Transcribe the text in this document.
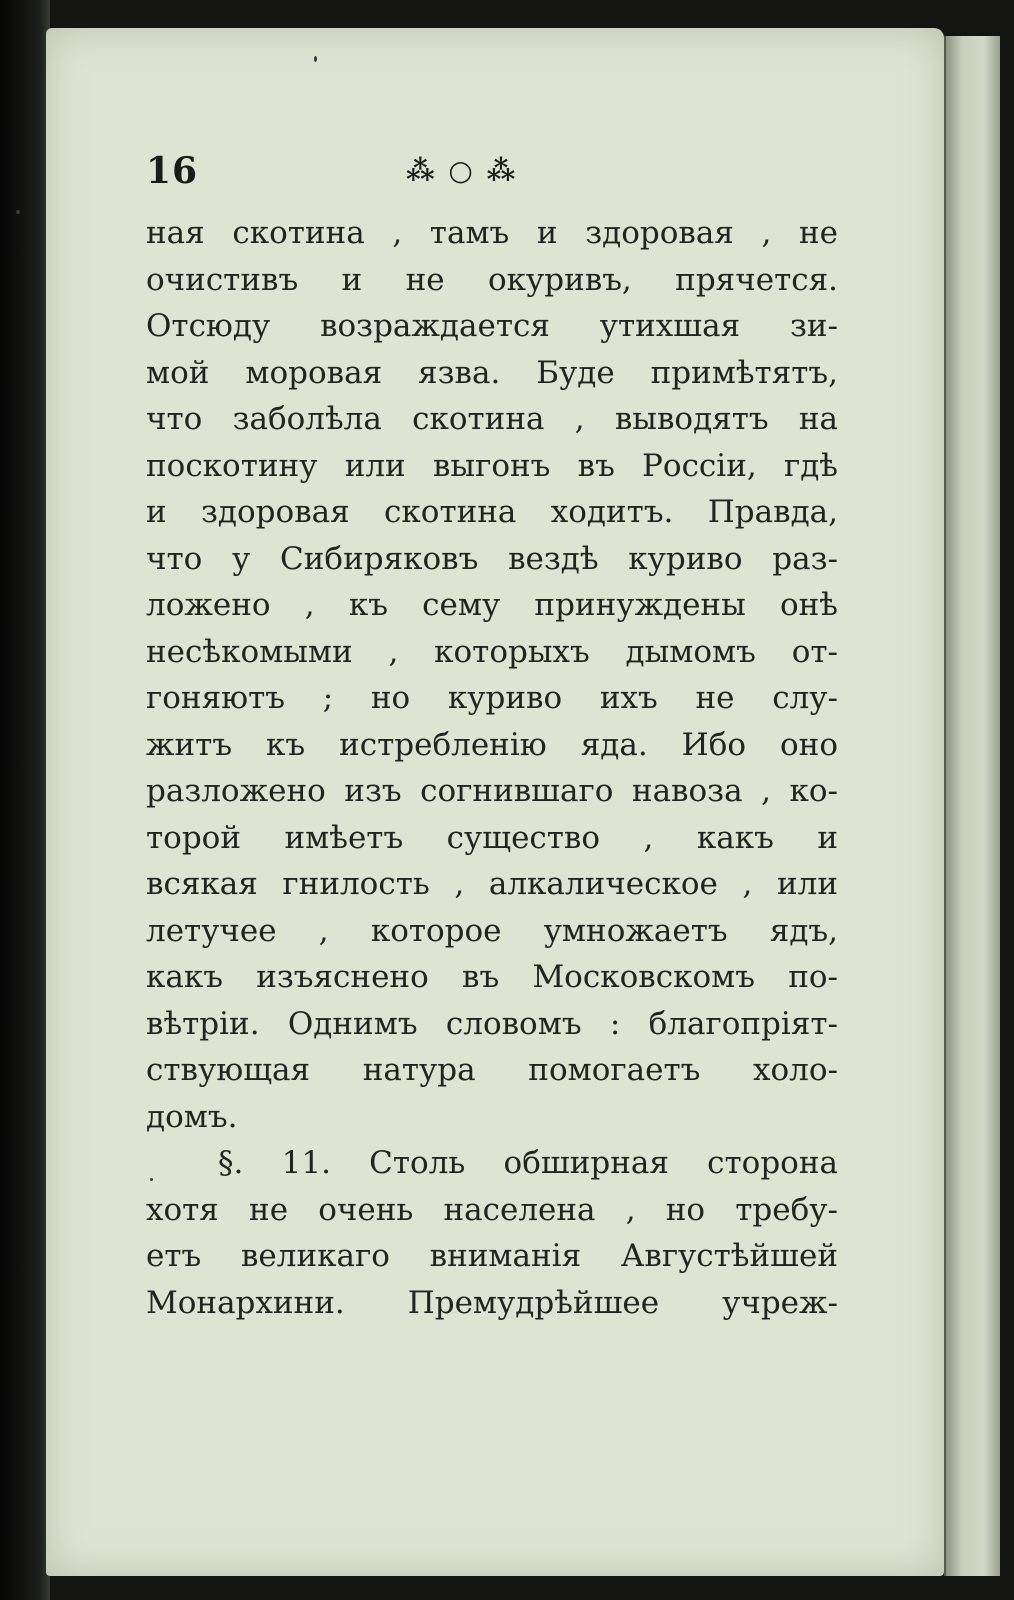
16	⁂ ○ ⁂
ная скотина , тамъ и здоровая , не
очистивъ и не окуривъ, прячется.
Отсюду возраждается утихшая зи-
мой моровая язва. Буде примѣтятъ,
что заболѣла скотина , выводятъ на
поскотину или выгонъ въ Россіи, гдѣ
и здоровая скотина ходитъ. Правда,
что у Сибиряковъ вездѣ куриво раз-
ложено , къ сему принуждены онѣ
несѣкомыми , которыхъ дымомъ от-
гоняютъ ; но куриво ихъ не слу-
житъ къ истребленію яда. Ибо оно
разложено изъ согнившаго навоза , ко-
торой имѣетъ существо , какъ и
всякая гнилость , алкалическое , или
летучее , которое умножаетъ ядъ,
какъ изъяснено въ Московскомъ по-
вѣтріи. Однимъ словомъ : благопріят-
ствующая натура помогаетъ холо-
домъ.
§. 11. Столь обширная сторона
хотя не очень населена , но требу-
етъ великаго вниманія Августѣйшей
Монархини. Премудрѣйшее учреж-
